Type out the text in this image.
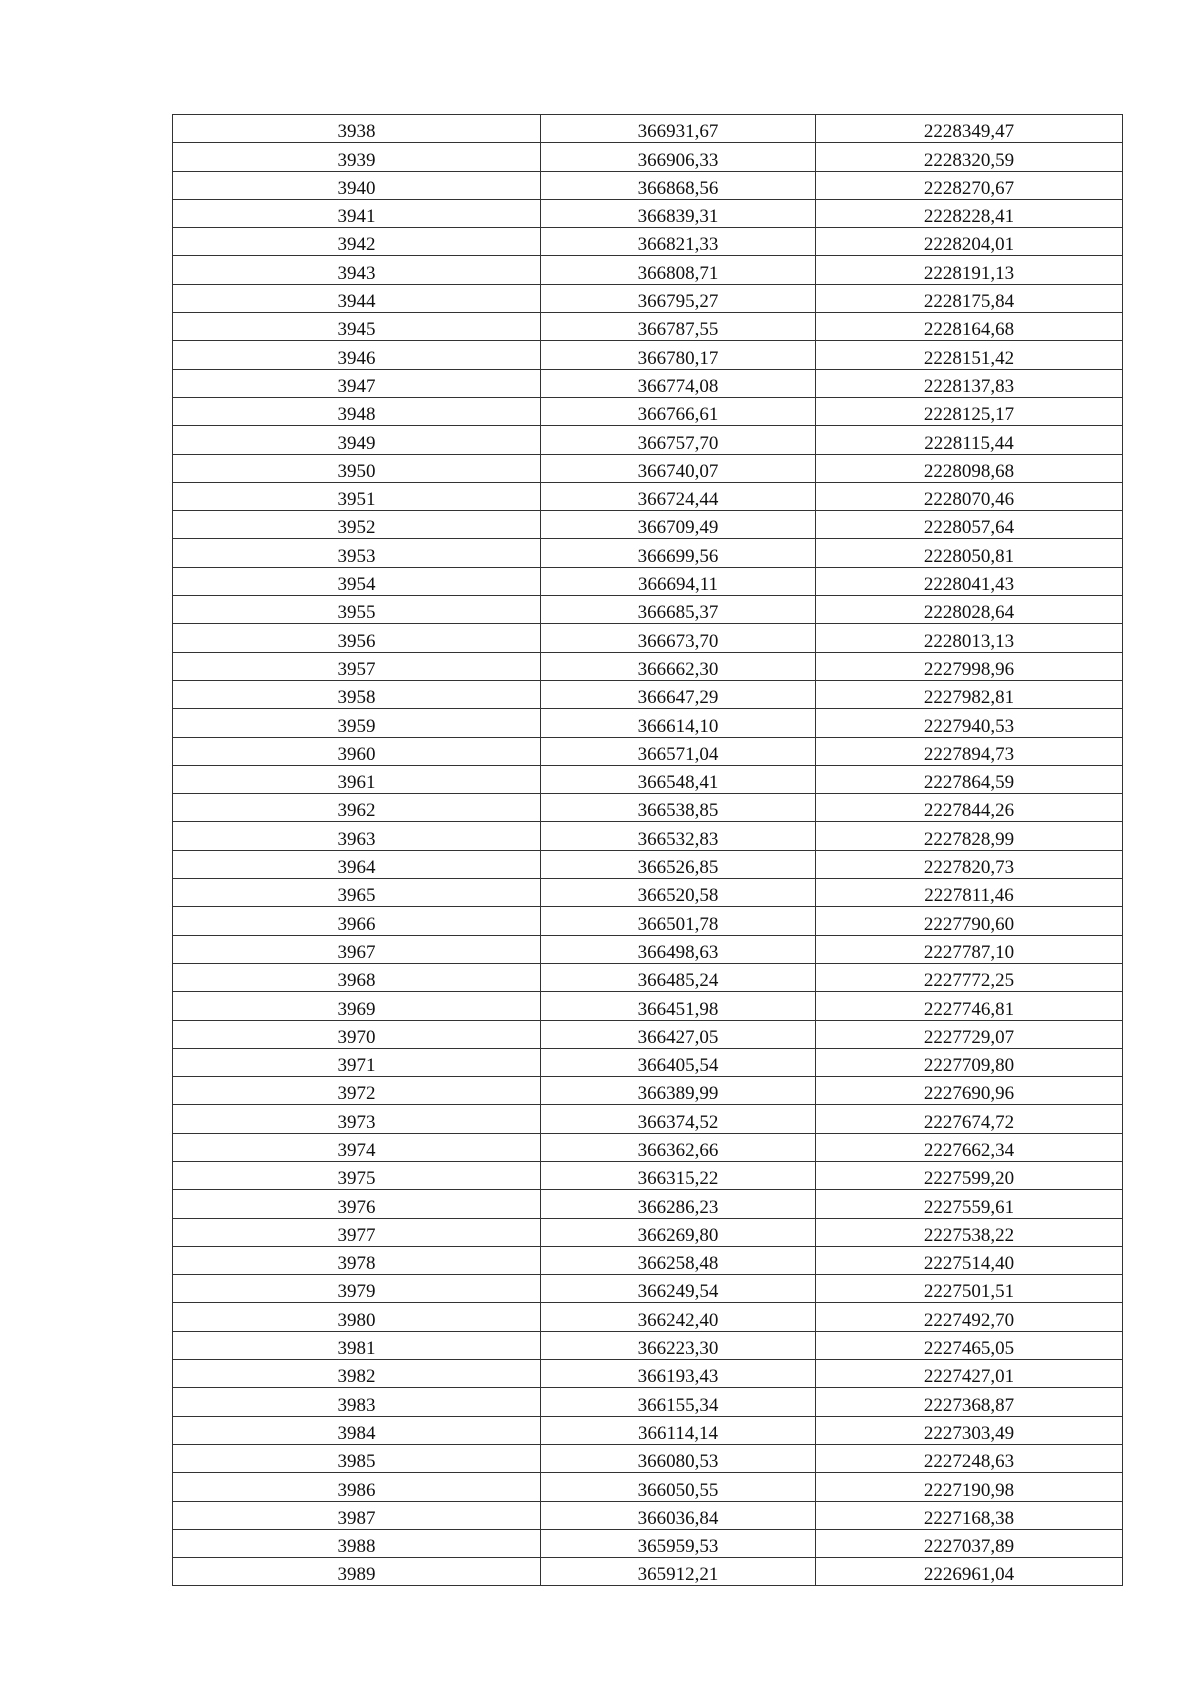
3938	366931,67	2228349,47
3939	366906,33	2228320,59
3940	366868,56	2228270,67
3941	366839,31	2228228,41
3942	366821,33	2228204,01
3943	366808,71	2228191,13
3944	366795,27	2228175,84
3945	366787,55	2228164,68
3946	366780,17	2228151,42
3947	366774,08	2228137,83
3948	366766,61	2228125,17
3949	366757,70	2228115,44
3950	366740,07	2228098,68
3951	366724,44	2228070,46
3952	366709,49	2228057,64
3953	366699,56	2228050,81
3954	366694,11	2228041,43
3955	366685,37	2228028,64
3956	366673,70	2228013,13
3957	366662,30	2227998,96
3958	366647,29	2227982,81
3959	366614,10	2227940,53
3960	366571,04	2227894,73
3961	366548,41	2227864,59
3962	366538,85	2227844,26
3963	366532,83	2227828,99
3964	366526,85	2227820,73
3965	366520,58	2227811,46
3966	366501,78	2227790,60
3967	366498,63	2227787,10
3968	366485,24	2227772,25
3969	366451,98	2227746,81
3970	366427,05	2227729,07
3971	366405,54	2227709,80
3972	366389,99	2227690,96
3973	366374,52	2227674,72
3974	366362,66	2227662,34
3975	366315,22	2227599,20
3976	366286,23	2227559,61
3977	366269,80	2227538,22
3978	366258,48	2227514,40
3979	366249,54	2227501,51
3980	366242,40	2227492,70
3981	366223,30	2227465,05
3982	366193,43	2227427,01
3983	366155,34	2227368,87
3984	366114,14	2227303,49
3985	366080,53	2227248,63
3986	366050,55	2227190,98
3987	366036,84	2227168,38
3988	365959,53	2227037,89
3989	365912,21	2226961,04
